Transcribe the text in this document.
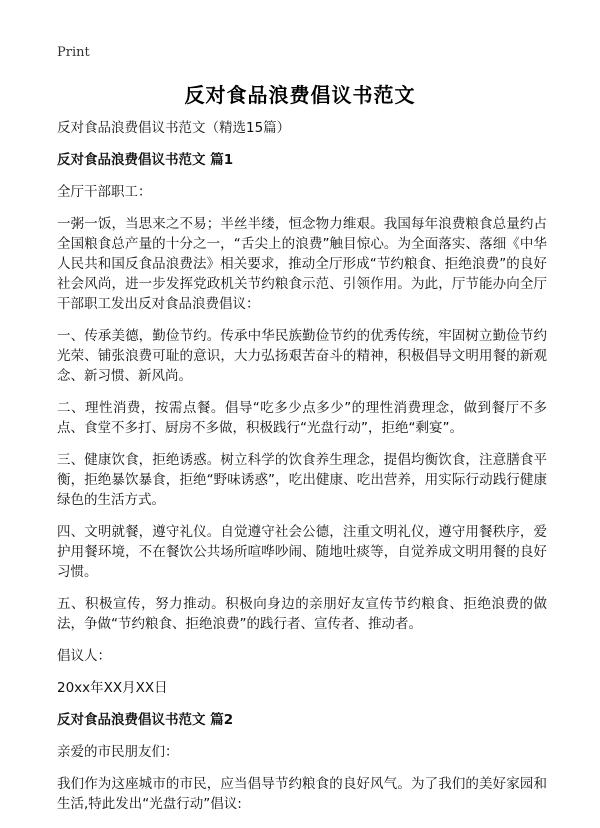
Print
反对食品浪费倡议书范文

反对食品浪费倡议书范文（精选15篇）

反对食品浪费倡议书范文 篇1

全厅干部职工：

一粥一饭，当思来之不易；半丝半缕，恒念物力维艰。我国每年浪费粮食总量约占全国粮食总产量的十分之一，“舌尖上的浪费”触目惊心。为全面落实、落细《中华人民共和国反食品浪费法》相关要求，推动全厅形成“节约粮食、拒绝浪费”的良好社会风尚，进一步发挥党政机关节约粮食示范、引领作用。为此，厅节能办向全厅干部职工发出反对食品浪费倡议：

一、传承美德，勤俭节约。传承中华民族勤俭节约的优秀传统，牢固树立勤俭节约光荣、铺张浪费可耻的意识，大力弘扬艰苦奋斗的精神，积极倡导文明用餐的新观念、新习惯、新风尚。

二、理性消费，按需点餐。倡导“吃多少点多少”的理性消费理念，做到餐厅不多点、食堂不多打、厨房不多做，积极践行“光盘行动”，拒绝“剩宴”。

三、健康饮食，拒绝诱惑。树立科学的饮食养生理念，提倡均衡饮食，注意膳食平衡，拒绝暴饮暴食，拒绝“野味诱惑”，吃出健康、吃出营养，用实际行动践行健康绿色的生活方式。

四、文明就餐，遵守礼仪。自觉遵守社会公德，注重文明礼仪，遵守用餐秩序，爱护用餐环境，不在餐饮公共场所喧哗吵闹、随地吐痰等，自觉养成文明用餐的良好习惯。

五、积极宣传，努力推动。积极向身边的亲朋好友宣传节约粮食、拒绝浪费的做法，争做“节约粮食、拒绝浪费”的践行者、宣传者、推动者。

倡议人：

20xx年XX月XX日

反对食品浪费倡议书范文 篇2

亲爱的市民朋友们：

我们作为这座城市的市民，应当倡导节约粮食的良好风气。为了我们的美好家园和生活,特此发出“光盘行动”倡议:
